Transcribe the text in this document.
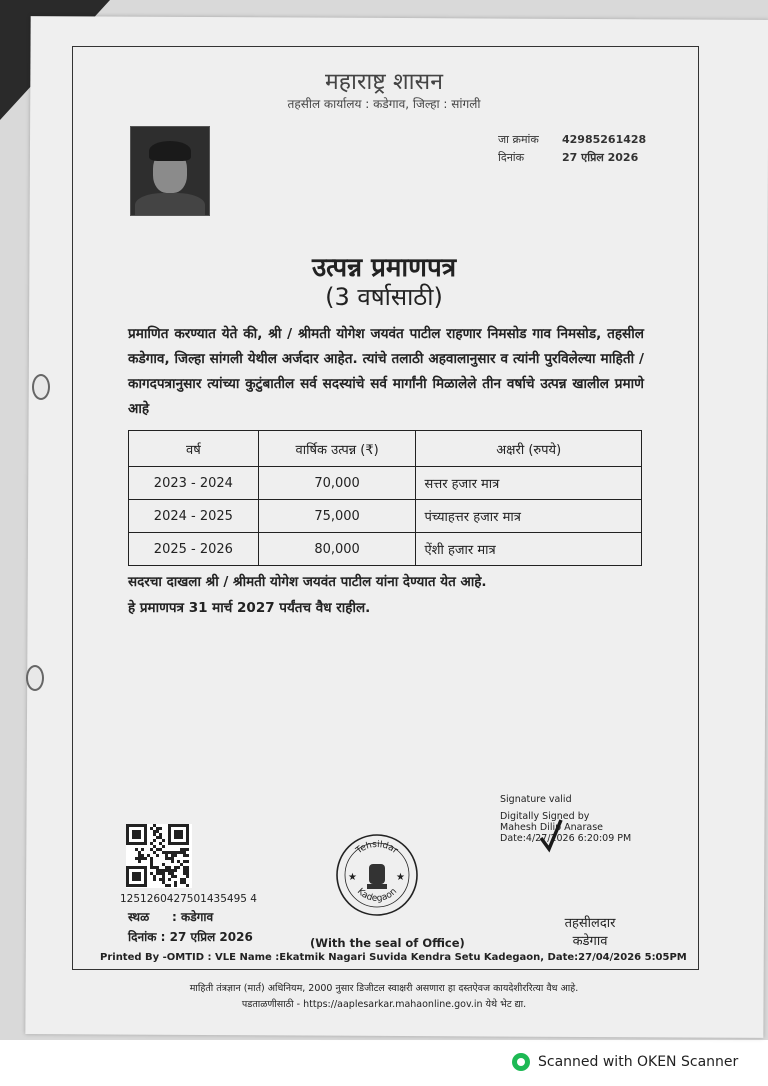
महाराष्ट्र शासन
तहसील कार्यालय : कडेगाव, जिल्हा : सांगली
जा क्रमांक	42985261428
दिनांक	27 एप्रिल 2026
उत्पन्न प्रमाणपत्र
(3 वर्षासाठी)
प्रमाणित करण्यात येते की, श्री / श्रीमती योगेश जयवंत पाटील राहणार निमसोड गाव निमसोड, तहसील कडेगाव, जिल्हा सांगली येथील अर्जदार आहेत. त्यांचे तलाठी अहवालानुसार व त्यांनी पुरविलेल्या माहिती / कागदपत्रानुसार त्यांच्या कुटुंबातील सर्व सदस्यांचे सर्व मार्गांनी मिळालेले तीन वर्षाचे उत्पन्न खालील प्रमाणे आहे
वर्ष	वार्षिक उत्पन्न (₹)	अक्षरी (रुपये)
2023 - 2024	70,000	सत्तर हजार मात्र
2024 - 2025	75,000	पंच्याहत्तर हजार मात्र
2025 - 2026	80,000	ऐंशी हजार मात्र
सदरचा दाखला श्री / श्रीमती योगेश जयवंत पाटील यांना देण्यात येत आहे.
हे प्रमाणपत्र 31 मार्च 2027 पर्यंतच वैध राहील.
Signature valid
Digitally Signed by
Mahesh Dilip Anarase
Date:4/27/2026 6:20:09 PM
1251260427501435495 4
स्थळ : कडेगाव
दिनांक : 27 एप्रिल 2026
Tehsildar
Kadegaon
★	★
(With the seal of Office)
तहसीलदार
कडेगाव
Printed By -OMTID : VLE Name :Ekatmik Nagari Suvida Kendra Setu Kadegaon, Date:27/04/2026 5:05PM
माहिती तंत्रज्ञान (मार्त) अधिनियम, 2000 नुसार डिजीटल स्वाक्षरी असणारा हा दस्तऐवज कायदेशीररित्या वैध आहे.
पडताळणीसाठी - https://aaplesarkar.mahaonline.gov.in येथे भेट द्या.
Scanned with OKEN Scanner
